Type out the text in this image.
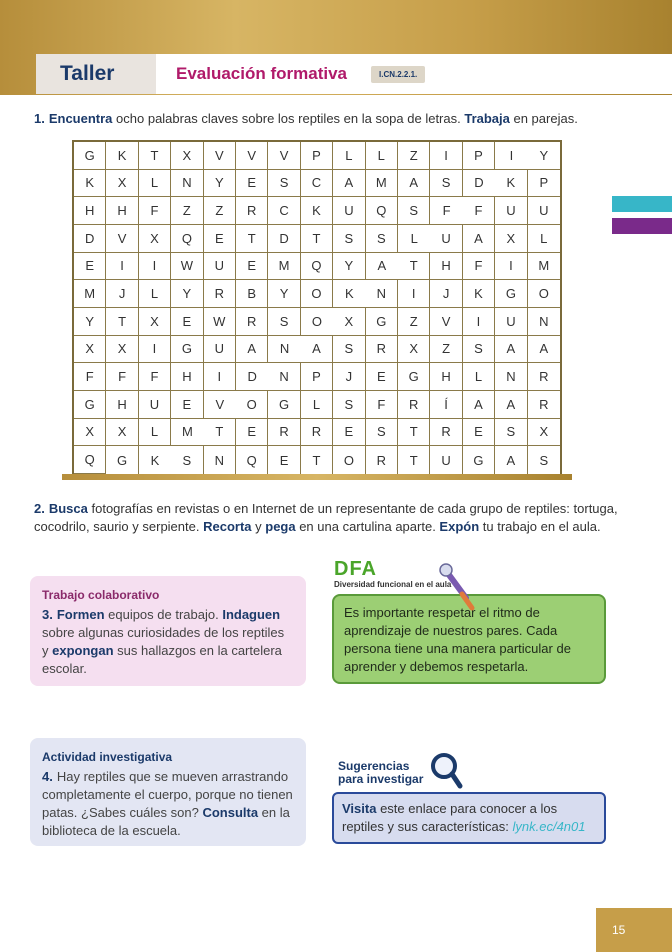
Taller	Evaluación formativa	I.CN.2.2.1.

1. Encuentra ocho palabras claves sobre los reptiles en la sopa de letras. Trabaja en parejas.

G	K	T	X	V	V	V	P	L	L	Z	I	P	I	Y
K	X	L	N	Y	E	S	C	A	M	A	S	D	K	P
H	H	F	Z	Z	R	C	K	U	Q	S	F	F	U	U
D	V	X	Q	E	T	D	T	S	S	L	U	A	X	L
E	I	I	W	U	E	M	Q	Y	A	T	H	F	I	M
M	J	L	Y	R	B	Y	O	K	N	I	J	K	G	O
Y	T	X	E	W	R	S	O	X	G	Z	V	I	U	N
X	X	I	G	U	A	N	A	S	R	X	Z	S	A	A
F	F	F	H	I	D	N	P	J	E	G	H	L	N	R
G	H	U	E	V	O	G	L	S	F	R	Í	A	A	R
X	X	L	M	T	E	R	R	E	S	T	R	E	S	X
Q	G	K	S	N	Q	E	T	O	R	T	U	G	A	S

2. Busca fotografías en revistas o en Internet de un representante de cada grupo de reptiles: tortuga, cocodrilo, saurio y serpiente. Recorta y pega en una cartulina aparte. Expón tu trabajo en el aula.

Trabajo colaborativo

3. Formen equipos de trabajo. Indaguen sobre algunas curiosidades de los reptiles y expongan sus hallazgos en la cartelera escolar.

DFA
Diversidad funcional en el aula

Es importante respetar el ritmo de aprendizaje de nuestros pares. Cada persona tiene una manera particular de aprender y debemos respetarla.

Actividad investigativa

4. Hay reptiles que se mueven arrastrando completamente el cuerpo, porque no tienen patas. ¿Sabes cuáles son? Consulta en la biblioteca de la escuela.

Sugerencias
para investigar

Visita este enlace para conocer a los reptiles y sus características: lynk.ec/4n01

15
